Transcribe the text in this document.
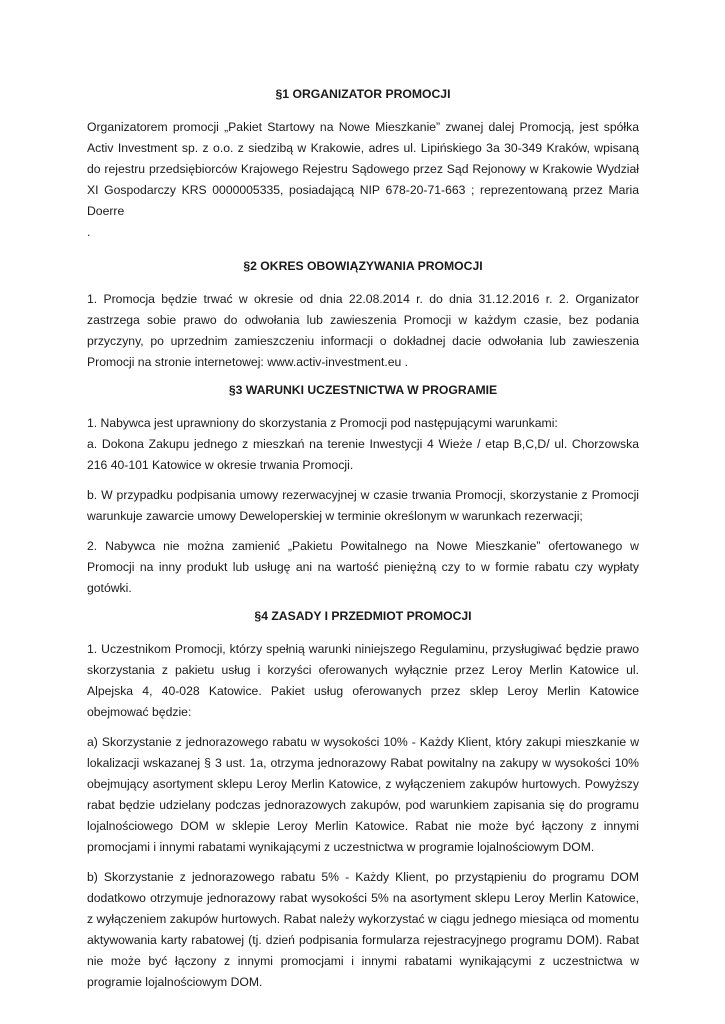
§1 ORGANIZATOR PROMOCJI
Organizatorem promocji „Pakiet Startowy na Nowe Mieszkanie” zwanej dalej Promocją, jest spółka Activ Investment sp. z o.o. z siedzibą w Krakowie, adres ul. Lipińskiego 3a 30-349 Kraków, wpisaną do rejestru przedsiębiorców Krajowego Rejestru Sądowego przez Sąd Rejonowy w Krakowie Wydział XI Gospodarczy KRS 0000005335, posiadającą NIP 678-20-71-663 ; reprezentowaną przez Maria Doerre
.
§2 OKRES OBOWIĄZYWANIA PROMOCJI
1. Promocja będzie trwać w okresie od dnia 22.08.2014 r. do dnia 31.12.2016 r. 2. Organizator zastrzega sobie prawo do odwołania lub zawieszenia Promocji w każdym czasie, bez podania przyczyny, po uprzednim zamieszczeniu informacji o dokładnej dacie odwołania lub zawieszenia Promocji na stronie internetowej: www.activ-investment.eu .
§3 WARUNKI UCZESTNICTWA W PROGRAMIE
1. Nabywca jest uprawniony do skorzystania z Promocji pod następującymi warunkami:
a. Dokona Zakupu jednego z mieszkań na terenie Inwestycji 4 Wieże / etap B,C,D/ ul. Chorzowska 216 40-101 Katowice w okresie trwania Promocji.
b. W przypadku podpisania umowy rezerwacyjnej w czasie trwania Promocji, skorzystanie z Promocji warunkuje zawarcie umowy Deweloperskiej w terminie określonym w warunkach rezerwacji;
2. Nabywca nie można zamienić „Pakietu Powitalnego na Nowe Mieszkanie” ofertowanego w Promocji na inny produkt lub usługę ani na wartość pieniężną czy to w formie rabatu czy wypłaty gotówki.
§4 ZASADY I PRZEDMIOT PROMOCJI
1. Uczestnikom Promocji, którzy spełnią warunki niniejszego Regulaminu, przysługiwać będzie prawo skorzystania z pakietu usług i korzyści oferowanych wyłącznie przez Leroy Merlin Katowice ul. Alpejska 4, 40-028 Katowice. Pakiet usług oferowanych przez sklep Leroy Merlin Katowice obejmować będzie:
a) Skorzystanie z jednorazowego rabatu w wysokości 10% - Każdy Klient, który zakupi mieszkanie w lokalizacji wskazanej § 3 ust. 1a, otrzyma jednorazowy Rabat powitalny na zakupy w wysokości 10% obejmujący asortyment sklepu Leroy Merlin Katowice, z wyłączeniem zakupów hurtowych. Powyższy rabat będzie udzielany podczas jednorazowych zakupów, pod warunkiem zapisania się do programu lojalnościowego DOM w sklepie Leroy Merlin Katowice. Rabat nie może być łączony z innymi promocjami i innymi rabatami wynikającymi z uczestnictwa w programie lojalnościowym DOM.
b) Skorzystanie z jednorazowego rabatu 5% - Każdy Klient, po przystąpieniu do programu DOM dodatkowo otrzymuje jednorazowy rabat wysokości 5% na asortyment sklepu Leroy Merlin Katowice, z wyłączeniem zakupów hurtowych. Rabat należy wykorzystać w ciągu jednego miesiąca od momentu aktywowania karty rabatowej (tj. dzień podpisania formularza rejestracyjnego programu DOM). Rabat nie może być łączony z innymi promocjami i innymi rabatami wynikającymi z uczestnictwa w programie lojalnościowym DOM.
